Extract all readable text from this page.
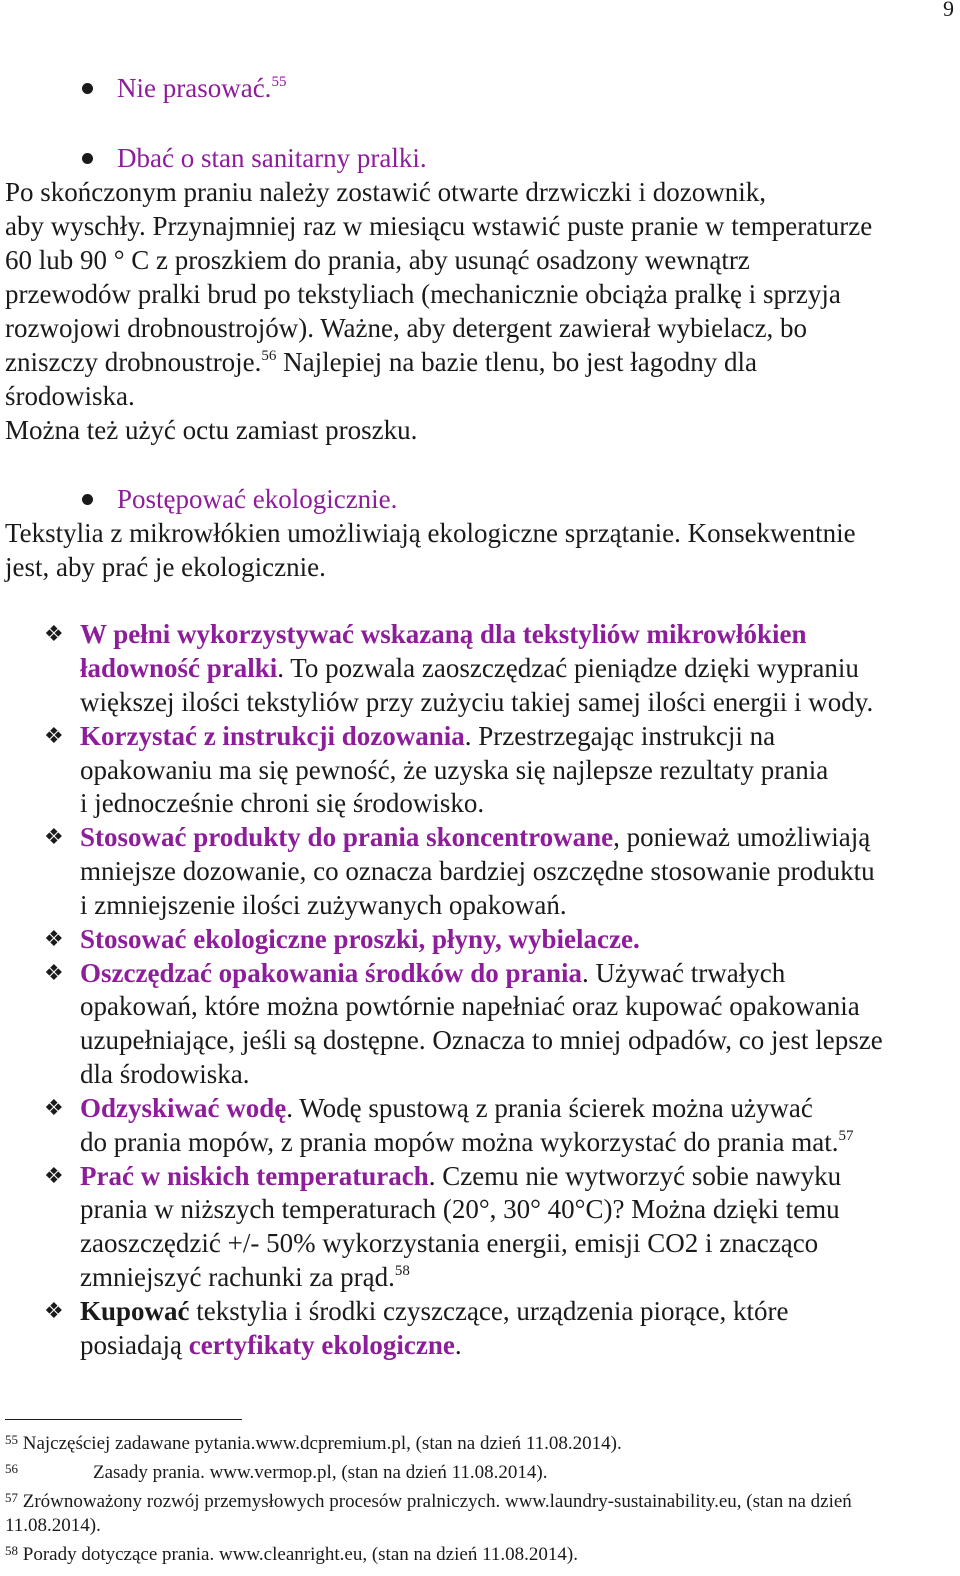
9
Nie prasować.$^{55}$
Dbać o stan sanitarny pralki.
Po skończonym praniu należy zostawić otwarte drzwiczki i dozownik,
aby wyschły. Przynajmniej raz w miesiącu wstawić puste pranie w temperaturze
60 lub 90 ° C z proszkiem do prania, aby usunąć osadzony wewnątrz
przewodów pralki brud po tekstyliach (mechanicznie obciąża pralkę i sprzyja
rozwojowi drobnoustrojów). Ważne, aby detergent zawierał wybielacz, bo
zniszczy drobnoustroje.$^{56}$ Najlepiej na bazie tlenu, bo jest łagodny dla
środowiska.
Można też użyć octu zamiast proszku.
Postępować ekologicznie.
Tekstylia z mikrowłókien umożliwiają ekologiczne sprzątanie. Konsekwentnie
jest, aby prać je ekologicznie.
❖ W pełni wykorzystywać wskazaną dla tekstyliów mikrowłókien
ładowność pralki. To pozwala zaoszczędzać pieniądze dzięki wypraniu
większej ilości tekstyliów przy zużyciu takiej samej ilości energii i wody.
❖ Korzystać z instrukcji dozowania. Przestrzegając instrukcji na
opakowaniu ma się pewność, że uzyska się najlepsze rezultaty prania
i jednocześnie chroni się środowisko.
❖ Stosować produkty do prania skoncentrowane, ponieważ umożliwiają
mniejsze dozowanie, co oznacza bardziej oszczędne stosowanie produktu
i zmniejszenie ilości zużywanych opakowań.
❖ Stosować ekologiczne proszki, płyny, wybielacze.
❖ Oszczędzać opakowania środków do prania. Używać trwałych
opakowań, które można powtórnie napełniać oraz kupować opakowania
uzupełniające, jeśli są dostępne. Oznacza to mniej odpadów, co jest lepsze
dla środowiska.
❖ Odzyskiwać wodę. Wodę spustową z prania ścierek można używać
do prania mopów, z prania mopów można wykorzystać do prania mat.$^{57}$
❖ Prać w niskich temperaturach. Czemu nie wytworzyć sobie nawyku
prania w niższych temperaturach (20°, 30° 40°C)? Można dzięki temu
zaoszczędzić +/- 50% wykorzystania energii, emisji CO2 i znacząco
zmniejszyć rachunki za prąd.$^{58}$
❖ Kupować tekstylia i środki czyszczące, urządzenia piorące, które
posiadają certyfikaty ekologiczne.
$^{55}$ Najczęściej zadawane pytania.www.dcpremium.pl, (stan na dzień 11.08.2014).
$^{56}$	Zasady prania. www.vermop.pl, (stan na dzień 11.08.2014).
$^{57}$ Zrównoważony rozwój przemysłowych procesów pralniczych. www.laundry-sustainability.eu, (stan na dzień
11.08.2014).
$^{58}$ Porady dotyczące prania. www.cleanright.eu, (stan na dzień 11.08.2014).
